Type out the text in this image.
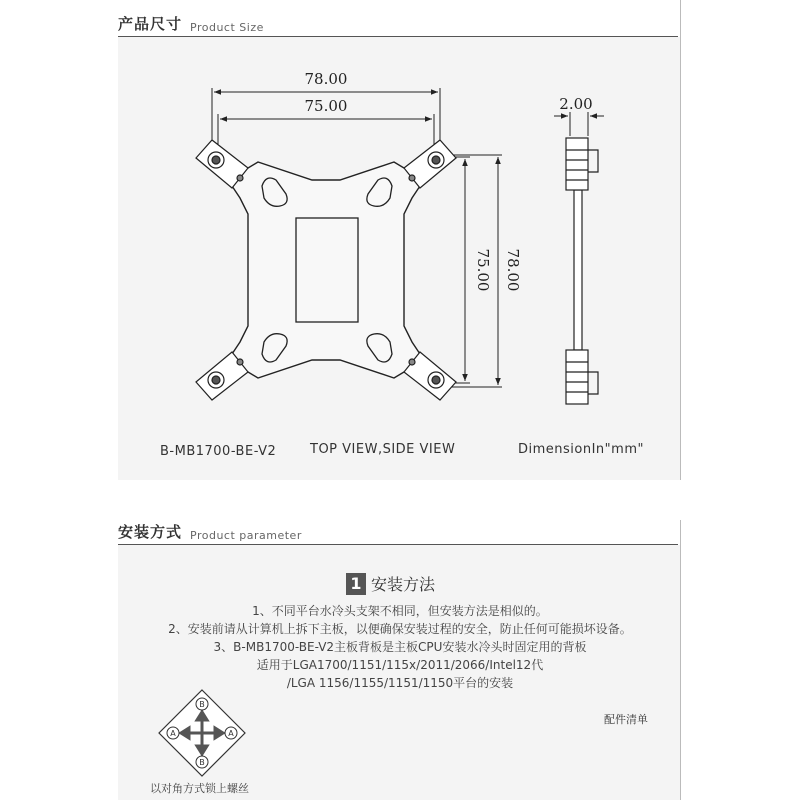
产品尺寸 Product Size
78.00
75.00
75.00 78.00
2.00
B-MB1700-BE-V2	TOP VIEW,SIDE VIEW	DimensionIn"mm"
安装方式 Product parameter
1 安装方法
1、不同平台水冷头支架不相同，但安装方法是相似的。
2、安装前请从计算机上拆下主板，以便确保安装过程的安全，防止任何可能损坏设备。
3、B-MB1700-BE-V2主板背板是主板CPU安装水冷头时固定用的背板
适用于LGA1700/1151/115x/2011/2066/Intel12代
/LGA 1156/1155/1151/1150平台的安装
配件清单
B
B
A	A
以对角方式锁上螺丝
